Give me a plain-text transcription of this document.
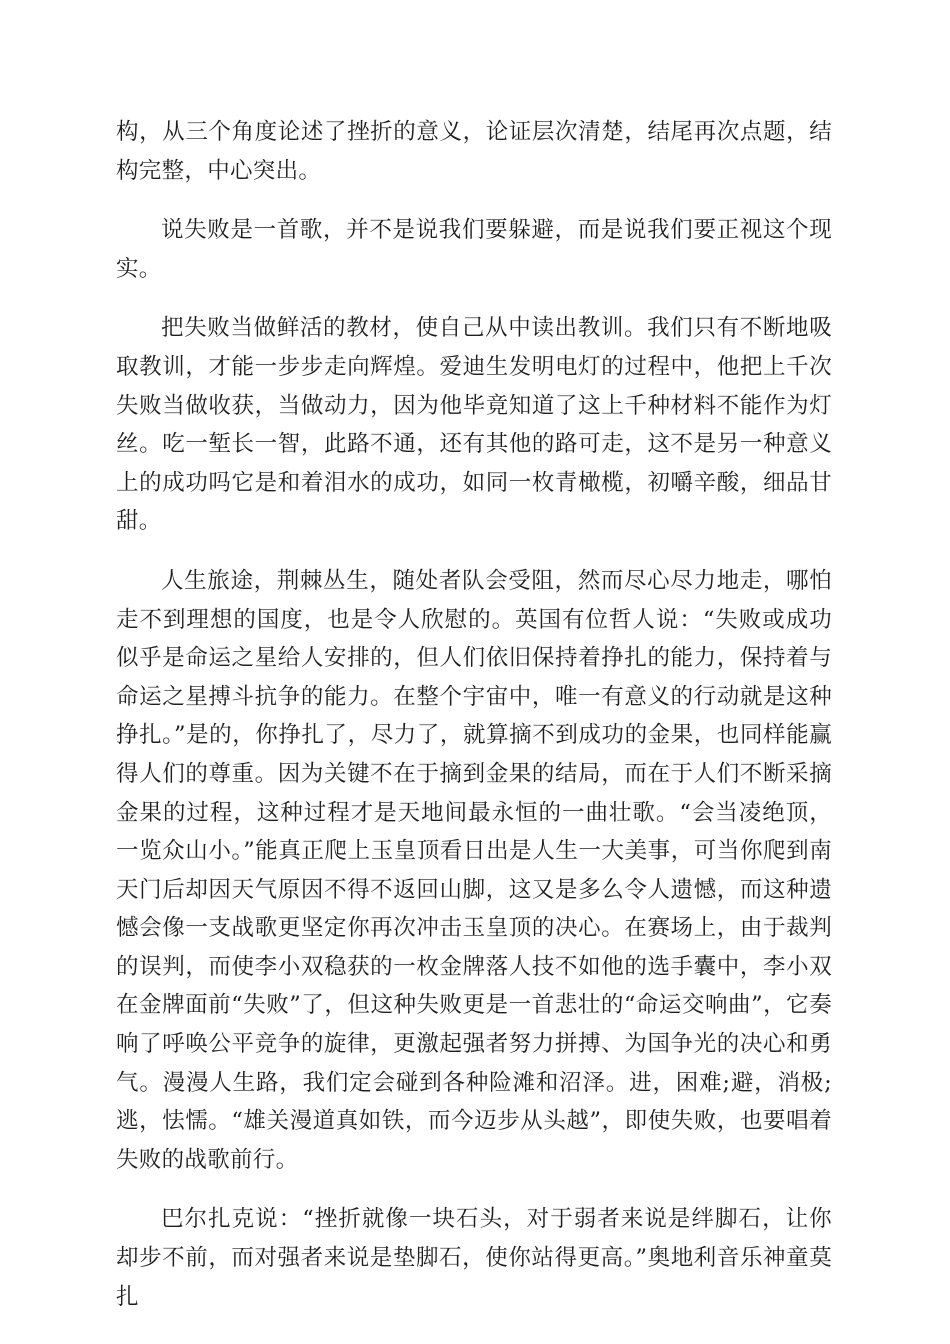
构，从三个角度论述了挫折的意义，论证层次清楚，结尾再次点题，结构完整，中心突出。

说失败是一首歌，并不是说我们要躲避，而是说我们要正视这个现实。

把失败当做鲜活的教材，使自己从中读出教训。我们只有不断地吸取教训，才能一步步走向辉煌。爱迪生发明电灯的过程中，他把上千次失败当做收获，当做动力，因为他毕竟知道了这上千种材料不能作为灯丝。吃一堑长一智，此路不通，还有其他的路可走，这不是另一种意义上的成功吗它是和着泪水的成功，如同一枚青橄榄，初嚼辛酸，细品甘甜。

人生旅途，荆棘丛生，随处者队会受阻，然而尽心尽力地走，哪怕走不到理想的国度，也是令人欣慰的。英国有位哲人说：“失败或成功似乎是命运之星给人安排的，但人们依旧保持着挣扎的能力，保持着与命运之星搏斗抗争的能力。在整个宇宙中，唯一有意义的行动就是这种挣扎。”是的，你挣扎了，尽力了，就算摘不到成功的金果，也同样能赢得人们的尊重。因为关键不在于摘到金果的结局，而在于人们不断采摘金果的过程，这种过程才是天地间最永恒的一曲壮歌。“会当凌绝顶，一览众山小。”能真正爬上玉皇顶看日出是人生一大美事，可当你爬到南天门后却因天气原因不得不返回山脚，这又是多么令人遗憾，而这种遗憾会像一支战歌更坚定你再次冲击玉皇顶的决心。在赛场上，由于裁判的误判，而使李小双稳获的一枚金牌落人技不如他的选手囊中，李小双在金牌面前“失败”了，但这种失败更是一首悲壮的“命运交响曲”，它奏响了呼唤公平竞争的旋律，更激起强者努力拼搏、为国争光的决心和勇气。漫漫人生路，我们定会碰到各种险滩和沼泽。进，困难;避，消极;逃，怯懦。“雄关漫道真如铁，而今迈步从头越”，即使失败，也要唱着失败的战歌前行。

巴尔扎克说：“挫折就像一块石头，对于弱者来说是绊脚石，让你却步不前，而对强者来说是垫脚石，使你站得更高。”奥地利音乐神童莫扎
